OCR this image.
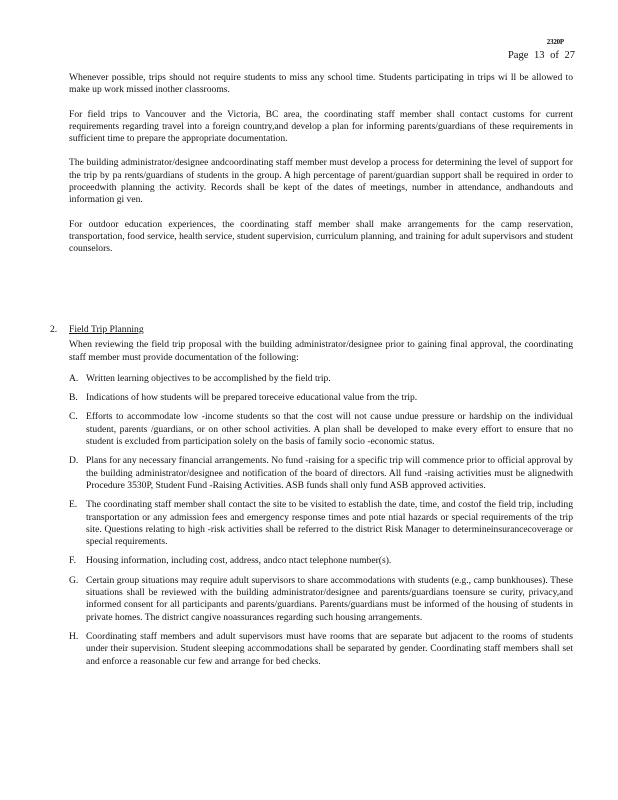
2320P
Page 13 of 27

Whenever possible, trips should not require students to miss any school time. Students participating in trips wi ll be allowed to make up work missed inother classrooms.

For field trips to Vancouver and the Victoria, BC area, the coordinating staff member shall contact customs for current requirements regarding travel into a foreign country,and develop a plan for informing parents/guardians of these requirements in sufficient time to prepare the appropriate documentation.

The building administrator/designee andcoordinating staff member must develop a process for determining the level of support for the trip by pa rents/guardians of students in the group. A high percentage of parent/guardian support shall be required in order to proceedwith planning the activity. Records shall be kept of the dates of meetings, number in attendance, andhandouts and information gi ven.

For outdoor education experiences, the coordinating staff member shall make arrangements for the camp reservation, transportation, food service, health service, student supervision, curriculum planning, and training for adult supervisors and student counselors.

2.	Field Trip Planning
When reviewing the field trip proposal with the building administrator/designee prior to gaining final approval, the coordinating staff member must provide documentation of the following:
A. Written learning objectives to be accomplished by the field trip.
B. Indications of how students will be prepared toreceive educational value from the trip.
C. Efforts to accommodate low -income students so that the cost will not cause undue pressure or hardship on the individual student, parents /guardians, or on other school activities. A plan shall be developed to make every effort to ensure that no student is excluded from participation solely on the basis of family socio -economic status.
D. Plans for any necessary financial arrangements. No fund -raising for a specific trip will commence prior to official approval by the building administrator/designee and notification of the board of directors. All fund -raising activities must be alignedwith Procedure 3530P, Student Fund -Raising Activities. ASB funds shall only fund ASB approved activities.
E. The coordinating staff member shall contact the site to be visited to establish the date, time, and costof the field trip, including transportation or any admission fees and emergency response times and pote ntial hazards or special requirements of the trip site. Questions relating to high -risk activities shall be referred to the district Risk Manager to determineinsurancecoverage or special requirements.
F.	Housing information, including cost, address, andco ntact telephone number(s).
G. Certain group situations may require adult supervisors to share accommodations with students (e.g., camp bunkhouses). These situations shall be reviewed with the building administrator/designee and parents/guardians toensure se curity, privacy,and informed consent for all participants and parents/guardians. Parents/guardians must be informed of the housing of students in private homes. The district cangive noassurances regarding such housing arrangements.
H. Coordinating staff members and adult supervisors must have rooms that are separate but adjacent to the rooms of students under their supervision. Student sleeping accommodations shall be separated by gender. Coordinating staff members shall set and enforce a reasonable cur few and arrange for bed checks.
